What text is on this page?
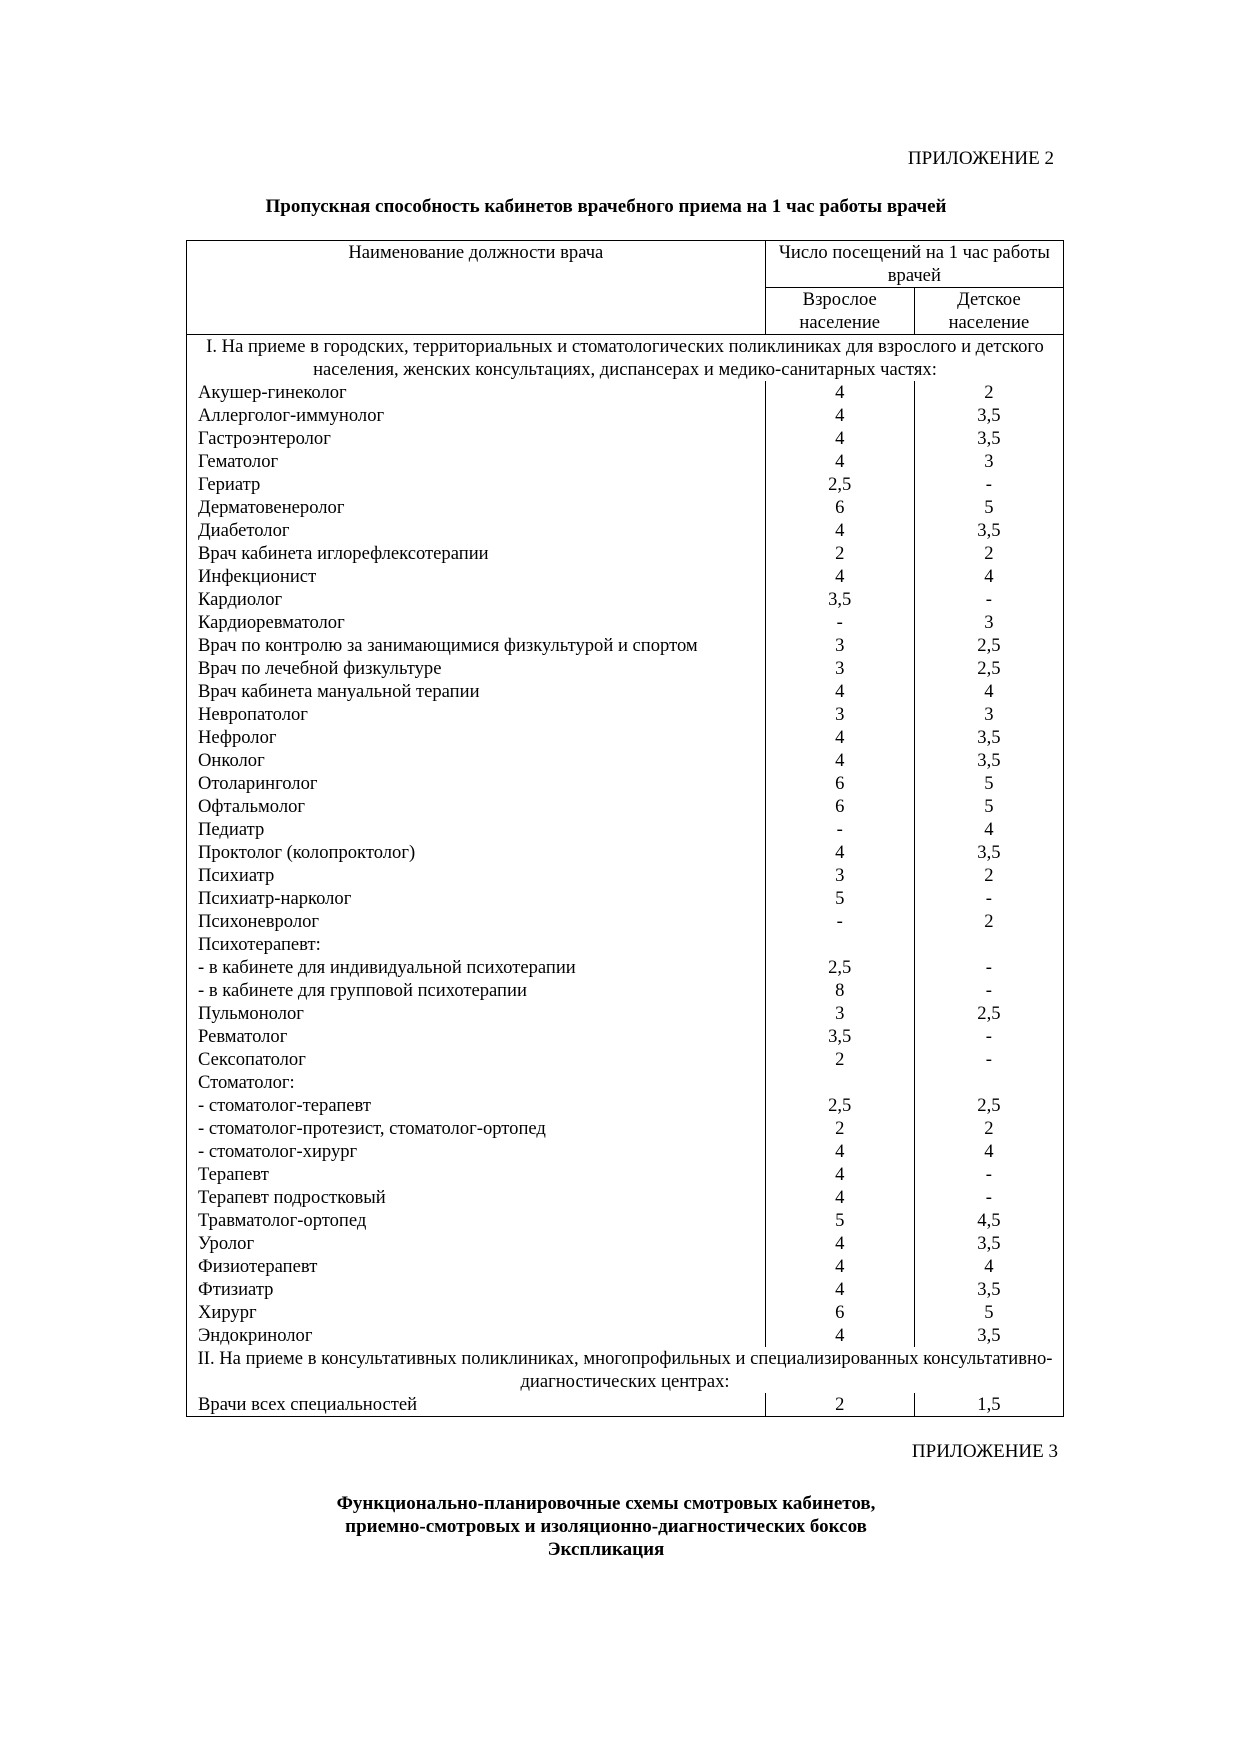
ПРИЛОЖЕНИЕ 2
Пропускная способность кабинетов врачебного приема на 1 час работы врачей
Наименование должности врача	Число посещений на 1 час работы врачей	
	Взрослое население	Детское население
I. На приеме в городских, территориальных и стоматологических поликлиниках для взрослого и детского населения, женских консультациях, диспансерах и медико-санитарных частях:		
Акушер-гинеколог	4	2
Аллерголог-иммунолог	4	3,5
Гастроэнтеролог	4	3,5
Гематолог	4	3
Гериатр	2,5	-
Дерматовенеролог	6	5
Диабетолог	4	3,5
Врач кабинета иглорефлексотерапии	2	2
Инфекционист	4	4
Кардиолог	3,5	-
Кардиоревматолог	-	3
Врач по контролю за занимающимися физкультурой и спортом	3	2,5
Врач по лечебной физкультуре	3	2,5
Врач кабинета мануальной терапии	4	4
Невропатолог	3	3
Нефролог	4	3,5
Онколог	4	3,5
Отоларинголог	6	5
Офтальмолог	6	5
Педиатр	-	4
Проктолог (колопроктолог)	4	3,5
Психиатр	3	2
Психиатр-нарколог	5	-
Психоневролог	-	2
Психотерапевт:		
- в кабинете для индивидуальной психотерапии	2,5	-
- в кабинете для групповой психотерапии	8	-
Пульмонолог	3	2,5
Ревматолог	3,5	-
Сексопатолог	2	-
Стоматолог:		
- стоматолог-терапевт	2,5	2,5
- стоматолог-протезист, стоматолог-ортопед	2	2
- стоматолог-хирург	4	4
Терапевт	4	-
Терапевт подростковый	4	-
Травматолог-ортопед	5	4,5
Уролог	4	3,5
Физиотерапевт	4	4
Фтизиатр	4	3,5
Хирург	6	5
Эндокринолог	4	3,5
II. На приеме в консультативных поликлиниках, многопрофильных и специализированных консультативно-диагностических центрах:		
Врачи всех специальностей	2	1,5
ПРИЛОЖЕНИЕ 3
Функционально-планировочные схемы смотровых кабинетов,
приемно-смотровых и изоляционно-диагностических боксов
Экспликация
